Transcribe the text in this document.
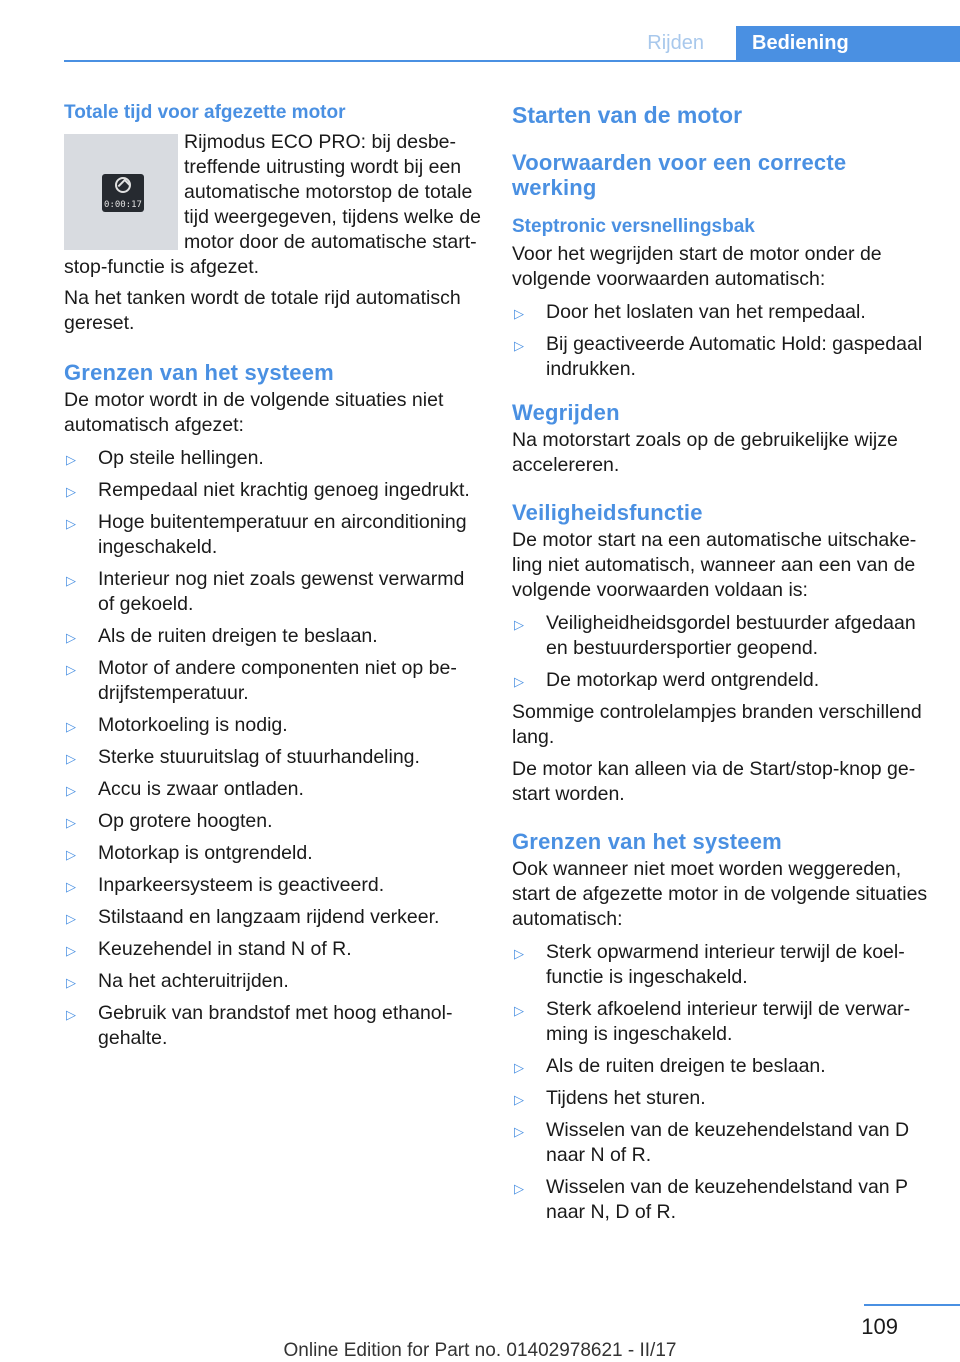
Rijden	Bediening
Totale tijd voor afgezette motor
0:00:17
Rijmodus ECO PRO: bij desbetreffende uitrusting wordt bij een automatische motorstop de totale tijd weergegeven, tijdens welke de motor door de automatische start-stop-functie is afgezet.
Na het tanken wordt de totale rijd automatisch gereset.
Grenzen van het systeem
De motor wordt in de volgende situaties niet automatisch afgezet:
▷ Op steile hellingen.
▷ Rempedaal niet krachtig genoeg ingedrukt.
▷ Hoge buitentemperatuur en airconditioning ingeschakeld.
▷ Interieur nog niet zoals gewenst verwarmd of gekoeld.
▷ Als de ruiten dreigen te beslaan.
▷ Motor of andere componenten niet op bedrijfstemperatuur.
▷ Motorkoeling is nodig.
▷ Sterke stuuruitslag of stuurhandeling.
▷ Accu is zwaar ontladen.
▷ Op grotere hoogten.
▷ Motorkap is ontgrendeld.
▷ Inparkeersysteem is geactiveerd.
▷ Stilstaand en langzaam rijdend verkeer.
▷ Keuzehendel in stand N of R.
▷ Na het achteruitrijden.
▷ Gebruik van brandstof met hoog ethanolgehalte.
Starten van de motor
Voorwaarden voor een correcte werking
Steptronic versnellingsbak
Voor het wegrijden start de motor onder de volgende voorwaarden automatisch:
▷ Door het loslaten van het rempedaal.
▷ Bij geactiveerde Automatic Hold: gaspedaal indrukken.
Wegrijden
Na motorstart zoals op de gebruikelijke wijze accelereren.
Veiligheidsfunctie
De motor start na een automatische uitschakeling niet automatisch, wanneer aan een van de volgende voorwaarden voldaan is:
▷ Veiligheidheidsgordel bestuurder afgedaan en bestuurdersportier geopend.
▷ De motorkap werd ontgrendeld.
Sommige controlelampjes branden verschillend lang.
De motor kan alleen via de Start/stop-knop gestart worden.
Grenzen van het systeem
Ook wanneer niet moet worden weggereden, start de afgezette motor in de volgende situaties automatisch:
▷ Sterk opwarmend interieur terwijl de koelfunctie is ingeschakeld.
▷ Sterk afkoelend interieur terwijl de verwarming is ingeschakeld.
▷ Als de ruiten dreigen te beslaan.
▷ Tijdens het sturen.
▷ Wisselen van de keuzehendelstand van D naar N of R.
▷ Wisselen van de keuzehendelstand van P naar N, D of R.
109
Online Edition for Part no. 01402978621 - II/17
